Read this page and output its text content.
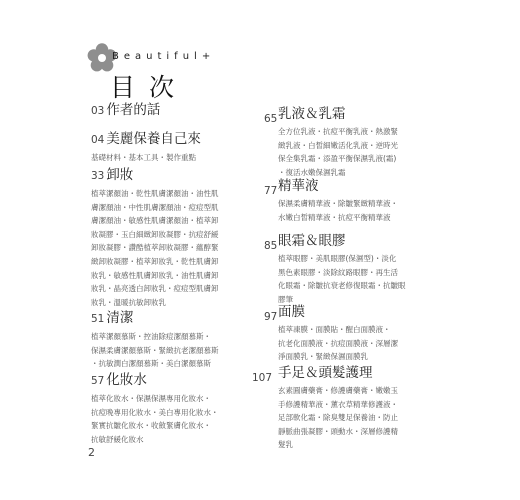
Beautiful+
目次
03 作者的話
04 美麗保養自己來
基礎材料・基本工具・製作重點
33 卸妝
植萃潔顏油・乾性肌膚潔顏油・油性肌
膚潔顏油・中性肌膚潔顏油・痘痘型肌
膚潔顏油・敏感性肌膚潔顏油・植萃卸
妝凝膠・玉白細緻卸妝凝膠・抗痘舒緩
卸妝凝膠・讚酷植萃卸妝凝膠・蘊醇緊
緻卸妝凝膠・植萃卸妝乳・乾性肌膚卸
妝乳・敏感性肌膚卸妝乳・油性肌膚卸
妝乳・晶亮透白卸妝乳・痘痘型肌膚卸
妝乳・溫暖抗敏卸妝乳
51 清潔
植萃潔顏慕斯・控油除痘潔顏慕斯・
保濕柔膚潔顏慕斯・緊緻抗老潔顏慕斯
・抗敏潤白潔顏慕斯・美白潔顏慕斯
57 化妝水
植萃化妝水・保濕保濕專用化妝水・
抗痘晚專用化妝水・美白專用化妝水・
緊實抗皺化妝水・收斂緊膚化妝水・
抗敏舒緩化妝水
65 乳液＆乳霜
全方位乳液・抗痘平衡乳液・熱激緊
緻乳液・白皙細嫩活化乳液・逆時光
保全集乳霜・添盈平衡保濕乳液(霜)
・復活水嫩保濕乳霜
77 精華液
保濕柔膚精華液・除皺緊緻精華液・
水嫩白皙精華液・抗痘平衡精華液
85 眼霜＆眼膠
植萃眼膠・美肌眼膠(保濕型)・淡化
黑色素眼膠・淡除紋路眼膠・再生活
化眼霜・除皺抗衰老修復眼霜・抗皺眼
膠筆
97 面膜
植萃凍膜・面膜貼・醒白面膜液・
抗老化面膜液・抗痘面膜液・深層潔
淨面膜乳・緊緻保濕面膜乳
107 手足＆頭髮護理
玄素圓膚藥膏・修護膚藥膏・嫩嫩玉
手修護精華液・薰衣草精華修護液・
足部軟化霜・除臭雙足保養油・防止
靜脈曲張凝膠・頭動水・深層修護精
髮乳
2
